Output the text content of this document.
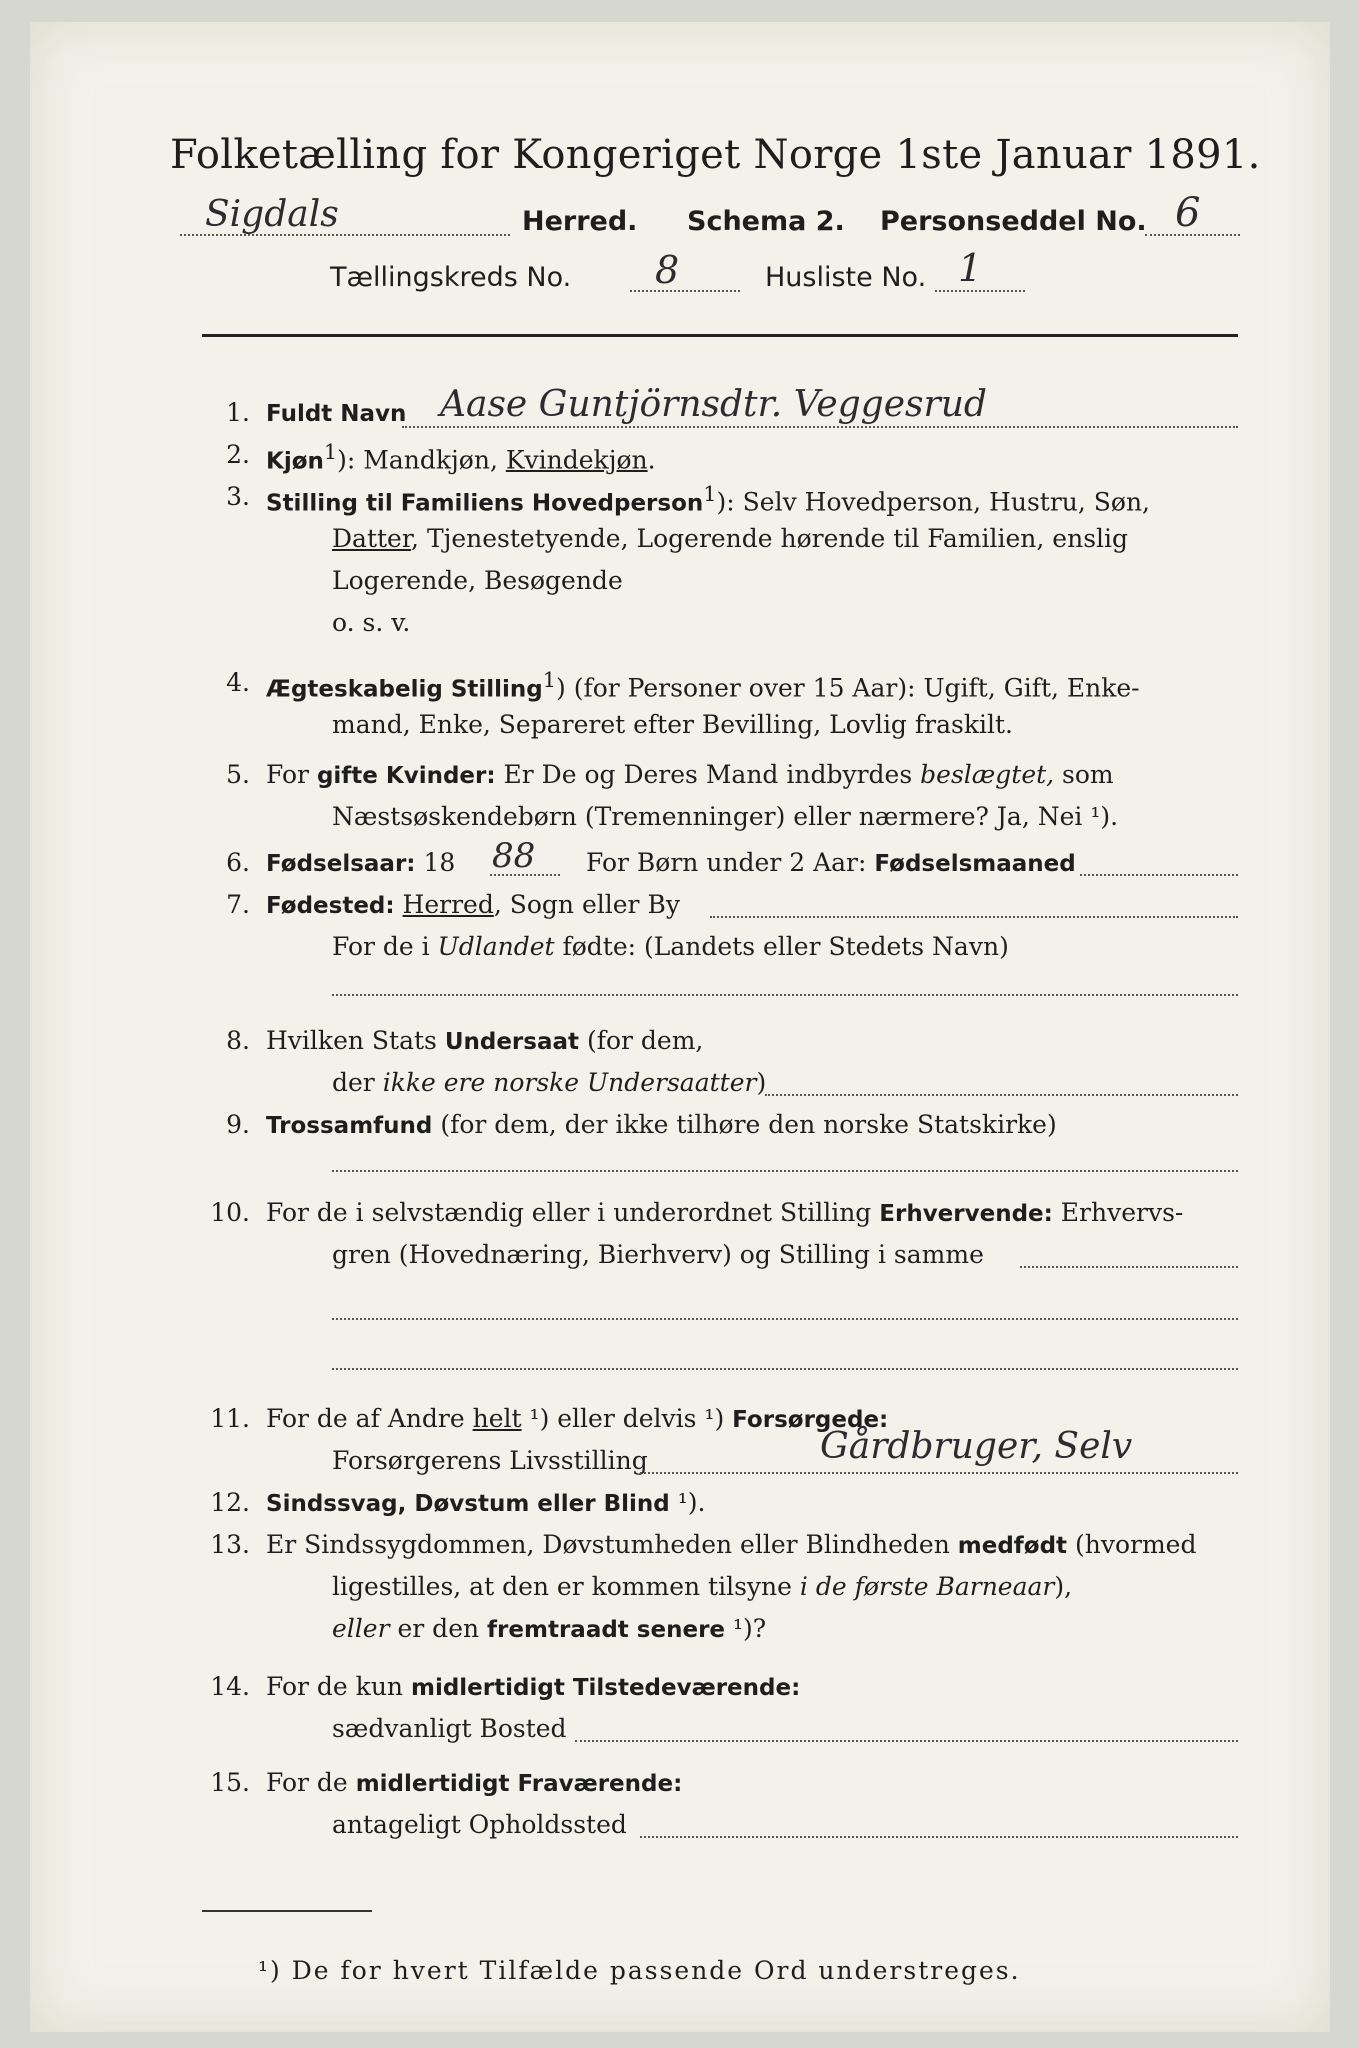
Folketælling for Kongeriget Norge 1ste Januar 1891.
Sigdals	Herred. Schema 2. Personseddel No. 6
Tællingskreds No. 8	Husliste No. 1
1. Fuldt Navn Aase Guntjörnsdtr. Veggesrud
2. Kjøn$^1$): Mandkjøn, Kvindekjøn.
3. Stilling til Familiens Hovedperson$^1$): Selv Hovedperson, Hustru, Søn,
Datter, Tjenestetyende, Logerende hørende til Familien, enslig
Logerende, Besøgende
o. s. v.
4. Ægteskabelig Stilling$^1$) (for Personer over 15 Aar): Ugift, Gift, Enke-
mand, Enke, Separeret efter Bevilling, Lovlig fraskilt.
5. For gifte Kvinder: Er De og Deres Mand indbyrdes beslægtet, som
Næstsøskendebørn (Tremenninger) eller nærmere? Ja, Nei ¹).
6. Fødselsaar: 18 88 For Børn under 2 Aar: Fødselsmaaned
7. Fødested: Herred, Sogn eller By
For de i Udlandet fødte: (Landets eller Stedets Navn)
8. Hvilken Stats Undersaat (for dem,
der ikke ere norske Undersaatter)
9. Trossamfund (for dem, der ikke tilhøre den norske Statskirke)
10. For de i selvstændig eller i underordnet Stilling Erhvervende: Erhvervs-
gren (Hovednæring, Bierhverv) og Stilling i samme
11. For de af Andre helt ¹) eller delvis ¹) Forsørgede:
Forsørgerens Livsstilling	Gårdbruger, Selv
12. Sindssvag, Døvstum eller Blind ¹).
13. Er Sindssygdommen, Døvstumheden eller Blindheden medfødt (hvormed
ligestilles, at den er kommen tilsyne i de første Barneaar),
eller er den fremtraadt senere ¹)?
14. For de kun midlertidigt Tilstedeværende:
sædvanligt Bosted
15. For de midlertidigt Fraværende:
antageligt Opholdssted
¹) De for hvert Tilfælde passende Ord understreges.
